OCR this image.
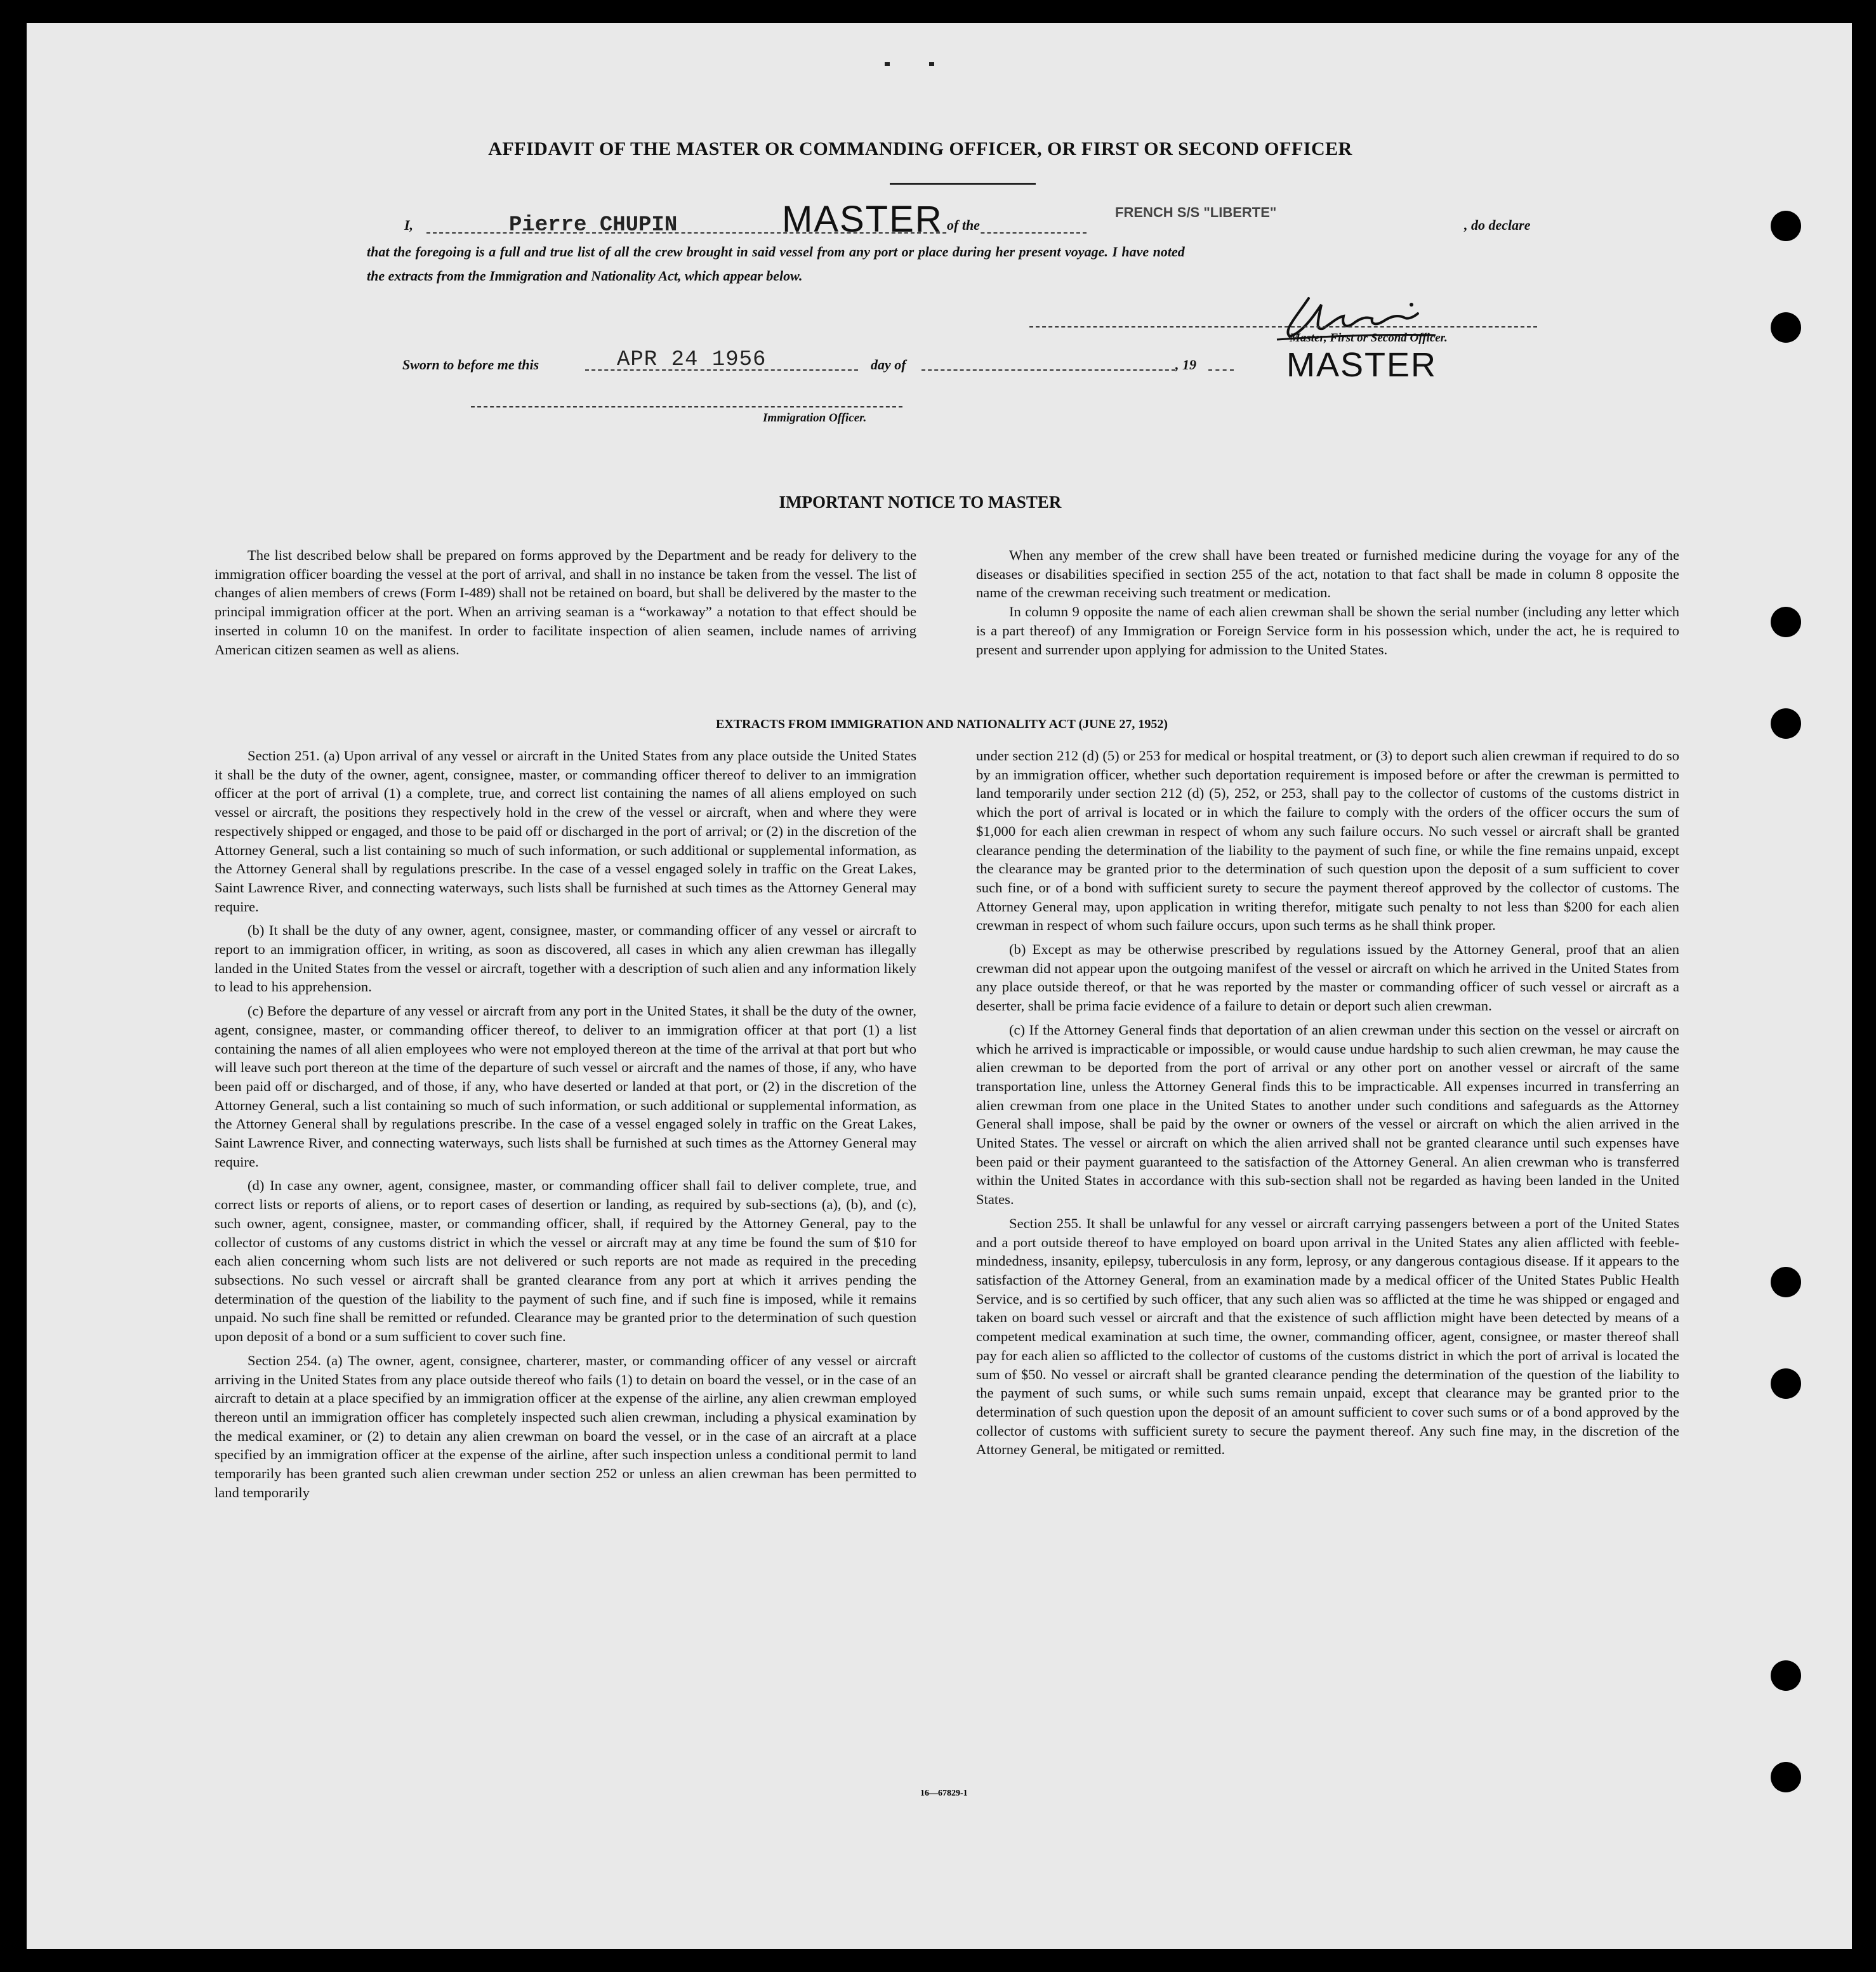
AFFIDAVIT OF THE MASTER OR COMMANDING OFFICER, OR FIRST OR SECOND OFFICER
I,	Pierre CHUPIN	MASTER of the
FRENCH S/S "LIBERTE"
, do declare
that the foregoing is a full and true list of all the crew brought in said vessel from any port or place during her present voyage. I have noted
the extracts from the Immigration and Nationality Act, which appear below.
Master, First or Second Officer.
MASTER
Sworn to before me this	APR 24 1956	day of	, 19
Immigration Officer.
IMPORTANT NOTICE TO MASTER

The list described below shall be prepared on forms approved by the Department and be ready for delivery to the immigration officer boarding the vessel at the port of arrival, and shall in no instance be taken from the vessel. The list of changes of alien members of crews (Form I-489) shall not be retained on board, but shall be delivered by the master to the principal immigration officer at the port. When an arriving seaman is a “workaway” a notation to that effect should be inserted in column 10 on the manifest. In order to facilitate inspection of alien seamen, include names of arriving American citizen seamen as well as aliens.

When any member of the crew shall have been treated or furnished medicine during the voyage for any of the diseases or disabilities specified in section 255 of the act, notation to that fact shall be made in column 8 opposite the name of the crewman receiving such treatment or medication.

In column 9 opposite the name of each alien crewman shall be shown the serial number (including any letter which is a part thereof) of any Immigration or Foreign Service form in his possession which, under the act, he is required to present and surrender upon applying for admission to the United States.

EXTRACTS FROM IMMIGRATION AND NATIONALITY ACT (JUNE 27, 1952)

Section 251. (a) Upon arrival of any vessel or aircraft in the United States from any place outside the United States it shall be the duty of the owner, agent, consignee, master, or commanding officer thereof to deliver to an immigration officer at the port of arrival (1) a complete, true, and correct list containing the names of all aliens employed on such vessel or aircraft, the positions they respectively hold in the crew of the vessel or aircraft, when and where they were respectively shipped or engaged, and those to be paid off or discharged in the port of arrival; or (2) in the discretion of the Attorney General, such a list containing so much of such information, or such additional or supplemental information, as the Attorney General shall by regulations prescribe. In the case of a vessel engaged solely in traffic on the Great Lakes, Saint Lawrence River, and connecting waterways, such lists shall be furnished at such times as the Attorney General may require.

(b) It shall be the duty of any owner, agent, consignee, master, or commanding officer of any vessel or aircraft to report to an immigration officer, in writing, as soon as discovered, all cases in which any alien crewman has illegally landed in the United States from the vessel or aircraft, together with a description of such alien and any information likely to lead to his apprehension.

(c) Before the departure of any vessel or aircraft from any port in the United States, it shall be the duty of the owner, agent, consignee, master, or commanding officer thereof, to deliver to an immigration officer at that port (1) a list containing the names of all alien employees who were not employed thereon at the time of the arrival at that port but who will leave such port thereon at the time of the departure of such vessel or aircraft and the names of those, if any, who have been paid off or discharged, and of those, if any, who have deserted or landed at that port, or (2) in the discretion of the Attorney General, such a list containing so much of such information, or such additional or supplemental information, as the Attorney General shall by regulations prescribe. In the case of a vessel engaged solely in traffic on the Great Lakes, Saint Lawrence River, and connecting waterways, such lists shall be furnished at such times as the Attorney General may require.

(d) In case any owner, agent, consignee, master, or commanding officer shall fail to deliver complete, true, and correct lists or reports of aliens, or to report cases of desertion or landing, as required by sub-sections (a), (b), and (c), such owner, agent, consignee, master, or commanding officer, shall, if required by the Attorney General, pay to the collector of customs of any customs district in which the vessel or aircraft may at any time be found the sum of $10 for each alien concerning whom such lists are not delivered or such reports are not made as required in the preceding subsections. No such vessel or aircraft shall be granted clearance from any port at which it arrives pending the determination of the question of the liability to the payment of such fine, and if such fine is imposed, while it remains unpaid. No such fine shall be remitted or refunded. Clearance may be granted prior to the determination of such question upon deposit of a bond or a sum sufficient to cover such fine.

Section 254. (a) The owner, agent, consignee, charterer, master, or commanding officer of any vessel or aircraft arriving in the United States from any place outside thereof who fails (1) to detain on board the vessel, or in the case of an aircraft to detain at a place specified by an immigration officer at the expense of the airline, any alien crewman employed thereon until an immigration officer has completely inspected such alien crewman, including a physical examination by the medical examiner, or (2) to detain any alien crewman on board the vessel, or in the case of an aircraft at a place specified by an immigration officer at the expense of the airline, after such inspection unless a conditional permit to land temporarily has been granted such alien crewman under section 252 or unless an alien crewman has been permitted to land temporarily

under section 212 (d) (5) or 253 for medical or hospital treatment, or (3) to deport such alien crewman if required to do so by an immigration officer, whether such deportation requirement is imposed before or after the crewman is permitted to land temporarily under section 212 (d) (5), 252, or 253, shall pay to the collector of customs of the customs district in which the port of arrival is located or in which the failure to comply with the orders of the officer occurs the sum of $1,000 for each alien crewman in respect of whom any such failure occurs. No such vessel or aircraft shall be granted clearance pending the determination of the liability to the payment of such fine, or while the fine remains unpaid, except the clearance may be granted prior to the determination of such question upon the deposit of a sum sufficient to cover such fine, or of a bond with sufficient surety to secure the payment thereof approved by the collector of customs. The Attorney General may, upon application in writing therefor, mitigate such penalty to not less than $200 for each alien crewman in respect of whom such failure occurs, upon such terms as he shall think proper.

(b) Except as may be otherwise prescribed by regulations issued by the Attorney General, proof that an alien crewman did not appear upon the outgoing manifest of the vessel or aircraft on which he arrived in the United States from any place outside thereof, or that he was reported by the master or commanding officer of such vessel or aircraft as a deserter, shall be prima facie evidence of a failure to detain or deport such alien crewman.

(c) If the Attorney General finds that deportation of an alien crewman under this section on the vessel or aircraft on which he arrived is impracticable or impossible, or would cause undue hardship to such alien crewman, he may cause the alien crewman to be deported from the port of arrival or any other port on another vessel or aircraft of the same transportation line, unless the Attorney General finds this to be impracticable. All expenses incurred in transferring an alien crewman from one place in the United States to another under such conditions and safeguards as the Attorney General shall impose, shall be paid by the owner or owners of the vessel or aircraft on which the alien arrived in the United States. The vessel or aircraft on which the alien arrived shall not be granted clearance until such expenses have been paid or their payment guaranteed to the satisfaction of the Attorney General. An alien crewman who is transferred within the United States in accordance with this sub-section shall not be regarded as having been landed in the United States.

Section 255. It shall be unlawful for any vessel or aircraft carrying passengers between a port of the United States and a port outside thereof to have employed on board upon arrival in the United States any alien afflicted with feeble-mindedness, insanity, epilepsy, tuberculosis in any form, leprosy, or any dangerous contagious disease. If it appears to the satisfaction of the Attorney General, from an examination made by a medical officer of the United States Public Health Service, and is so certified by such officer, that any such alien was so afflicted at the time he was shipped or engaged and taken on board such vessel or aircraft and that the existence of such affliction might have been detected by means of a competent medical examination at such time, the owner, commanding officer, agent, consignee, or master thereof shall pay for each alien so afflicted to the collector of customs of the customs district in which the port of arrival is located the sum of $50. No vessel or aircraft shall be granted clearance pending the determination of the question of the liability to the payment of such sums, or while such sums remain unpaid, except that clearance may be granted prior to the determination of such question upon the deposit of an amount sufficient to cover such sums or of a bond approved by the collector of customs with sufficient surety to secure the payment thereof. Any such fine may, in the discretion of the Attorney General, be mitigated or remitted.

16—67829-1
